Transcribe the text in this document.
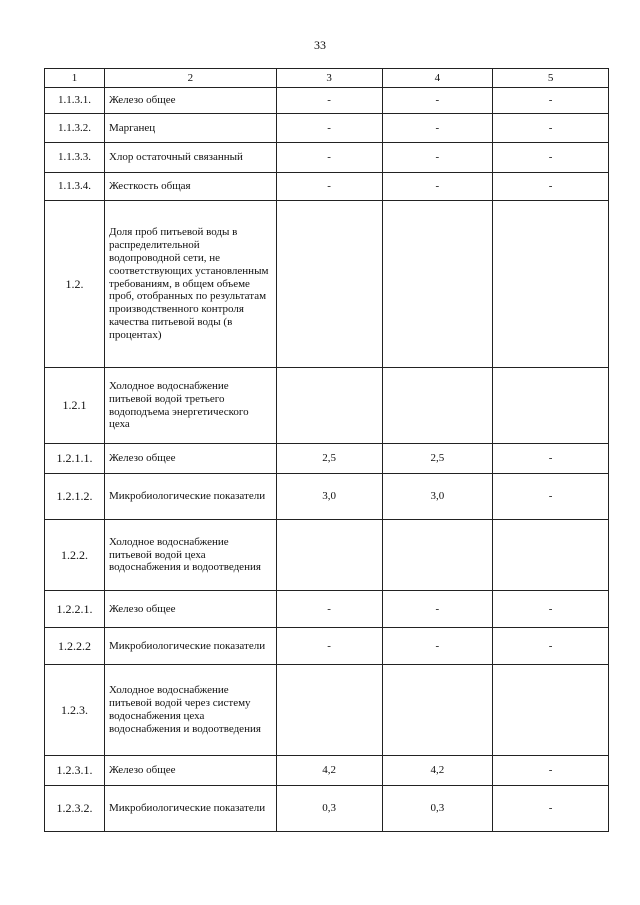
33
1	2	3	4	5
1.1.3.1.	Железо общее	-	-	-
1.1.3.2.	Марганец	-	-	-
1.1.3.3.	Хлор остаточный связанный	-	-	-
1.1.3.4.	Жесткость общая	-	-	-
1.2.	Доля проб питьевой воды в распределительной водопроводной сети, не соответствующих установленным требованиям, в общем объеме проб, отобранных по результатам производственного контроля качества питьевой воды (в процентах)			
1.2.1	Холодное водоснабжение питьевой водой третьего водоподъема энергетического цеха			
1.2.1.1.	Железо общее	2,5	2,5	-
1.2.1.2.	Микробиологические показатели	3,0	3,0	-
1.2.2.	Холодное водоснабжение питьевой водой цеха водоснабжения и водоотведения			
1.2.2.1.	Железо общее	-	-	-
1.2.2.2	Микробиологические показатели	-	-	-
1.2.3.	Холодное водоснабжение питьевой водой через систему водоснабжения цеха водоснабжения и водоотведения			
1.2.3.1.	Железо общее	4,2	4,2	-
1.2.3.2.	Микробиологические показатели	0,3	0,3	-
